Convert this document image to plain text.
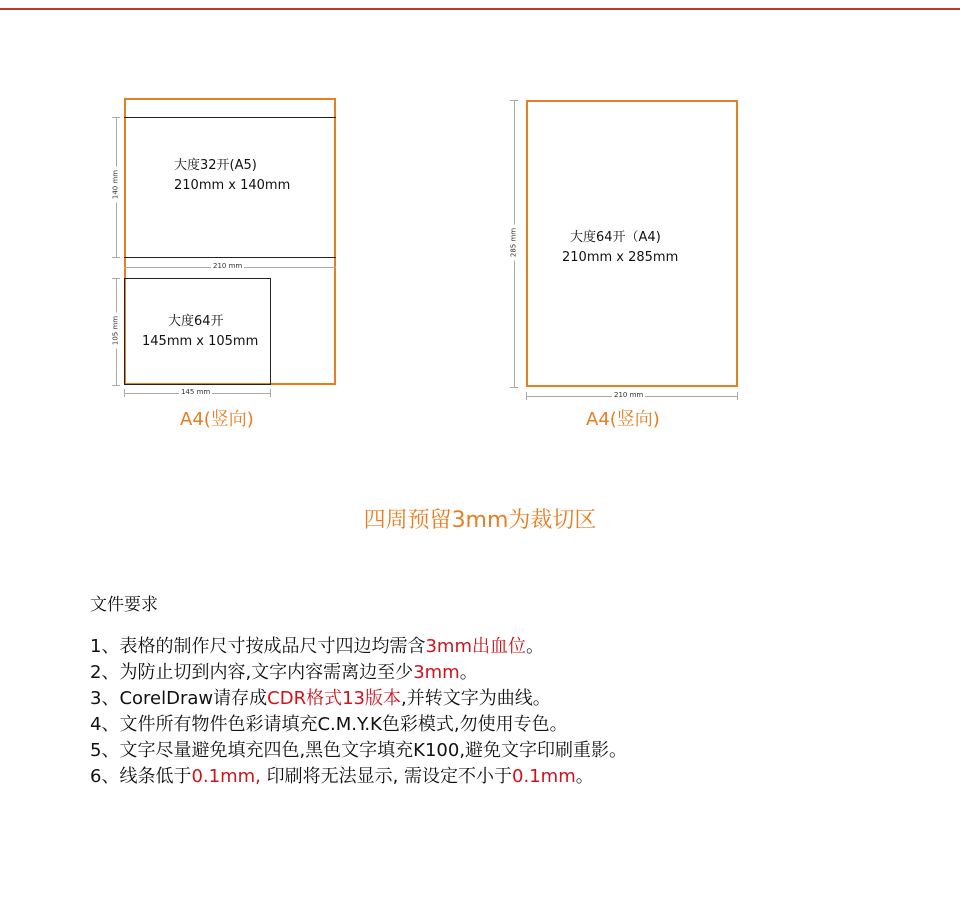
大度32开(A5)
210mm x 140mm
大度64开
145mm x 105mm
140 mm
210 mm
105 mm
145 mm
A4(竖向)
大度64开（A4)
210mm x 285mm
285 mm
210 mm
A4(竖向)
四周预留3mm为裁切区
文件要求
1、表格的制作尺寸按成品尺寸四边均需含3mm出血位。
2、为防止切到内容,文字内容需离边至少3mm。
3、CorelDraw请存成CDR格式13版本,并转文字为曲线。
4、文件所有物件色彩请填充C.M.Y.K色彩模式,勿使用专色。
5、文字尽量避免填充四色,黑色文字填充K100,避免文字印刷重影。
6、线条低于0.1mm, 印刷将无法显示, 需设定不小于0.1mm。
